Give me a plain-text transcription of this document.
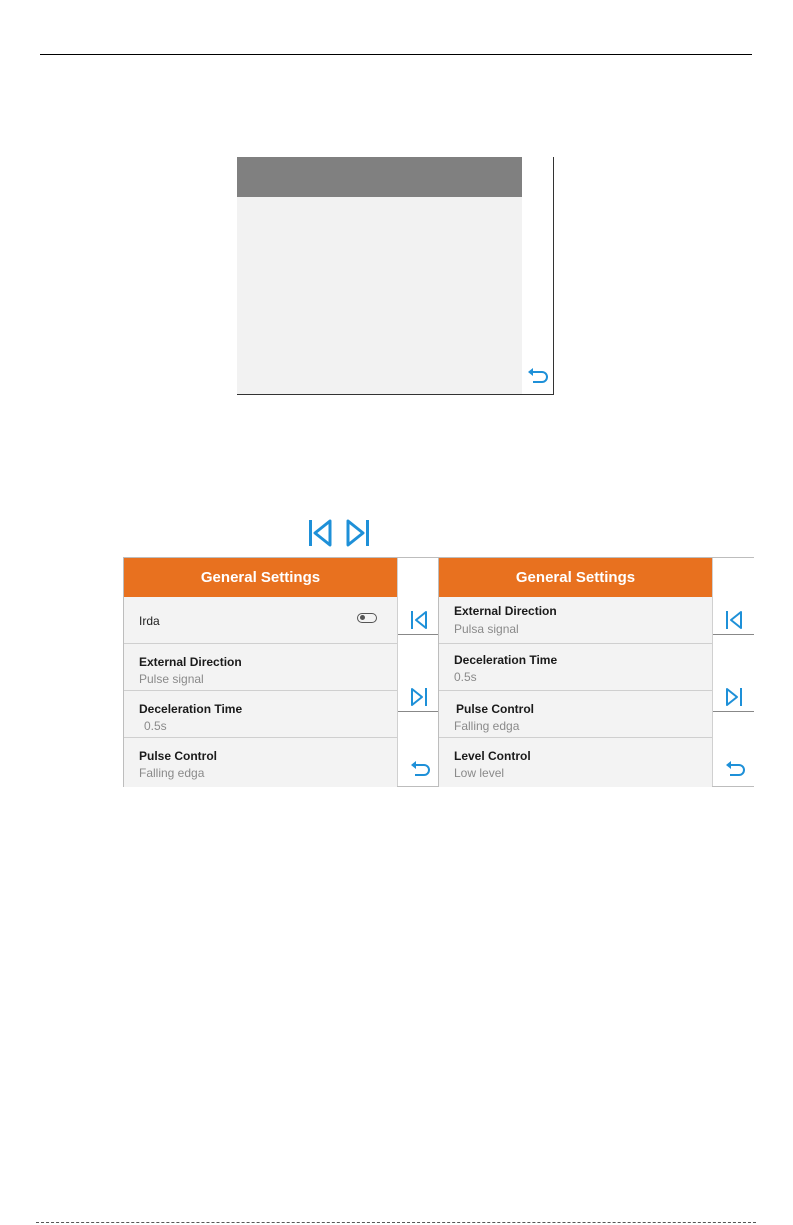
General Settings
Irda
External Direction
Pulse signal
Deceleration Time
0.5s
Pulse Control
Falling edga
General Settings
External Direction
Pulsa signal
Deceleration Time
0.5s
Pulse Control
Falling edga
Level Control
Low level
